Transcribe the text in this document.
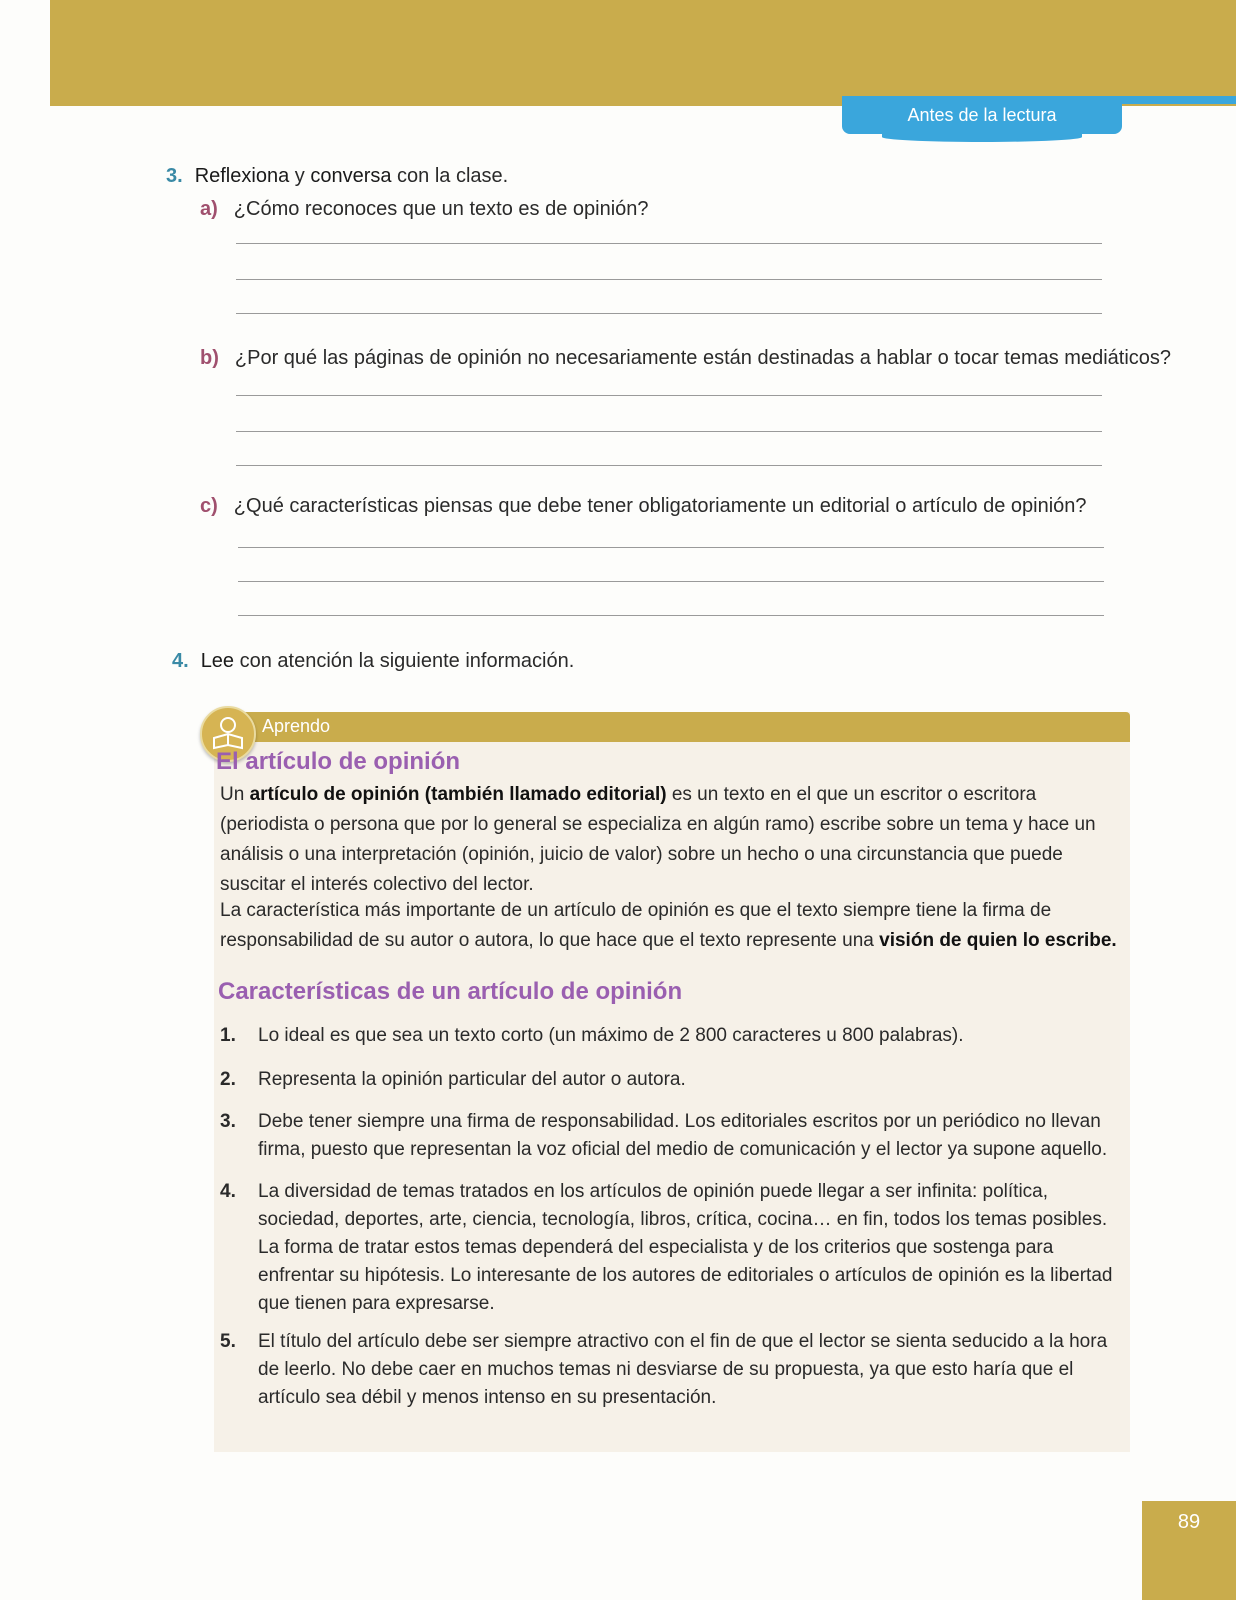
Antes de la lectura
3. Reflexiona y conversa con la clase.
a) ¿Cómo reconoces que un texto es de opinión?
b) ¿Por qué las páginas de opinión no necesariamente están destinadas a hablar o tocar temas mediáticos?
c) ¿Qué características piensas que debe tener obligatoriamente un editorial o artículo de opinión?
4. Lee con atención la siguiente información.
Aprendo
El artículo de opinión
Un artículo de opinión (también llamado editorial) es un texto en el que un escritor o escritora (periodista o persona que por lo general se especializa en algún ramo) escribe sobre un tema y hace un análisis o una interpretación (opinión, juicio de valor) sobre un hecho o una circunstancia que puede suscitar el interés colectivo del lector.
La característica más importante de un artículo de opinión es que el texto siempre tiene la firma de responsabilidad de su autor o autora, lo que hace que el texto represente una visión de quien lo escribe.
Características de un artículo de opinión
1. Lo ideal es que sea un texto corto (un máximo de 2 800 caracteres u 800 palabras).
2. Representa la opinión particular del autor o autora.
3. Debe tener siempre una firma de responsabilidad. Los editoriales escritos por un periódico no llevan firma, puesto que representan la voz oficial del medio de comunicación y el lector ya supone aquello.
4. La diversidad de temas tratados en los artículos de opinión puede llegar a ser infinita: política, sociedad, deportes, arte, ciencia, tecnología, libros, crítica, cocina… en fin, todos los temas posibles. La forma de tratar estos temas dependerá del especialista y de los criterios que sostenga para enfrentar su hipótesis. Lo interesante de los autores de editoriales o artículos de opinión es la libertad que tienen para expresarse.
5. El título del artículo debe ser siempre atractivo con el fin de que el lector se sienta seducido a la hora de leerlo. No debe caer en muchos temas ni desviarse de su propuesta, ya que esto haría que el artículo sea débil y menos intenso en su presentación.
89
